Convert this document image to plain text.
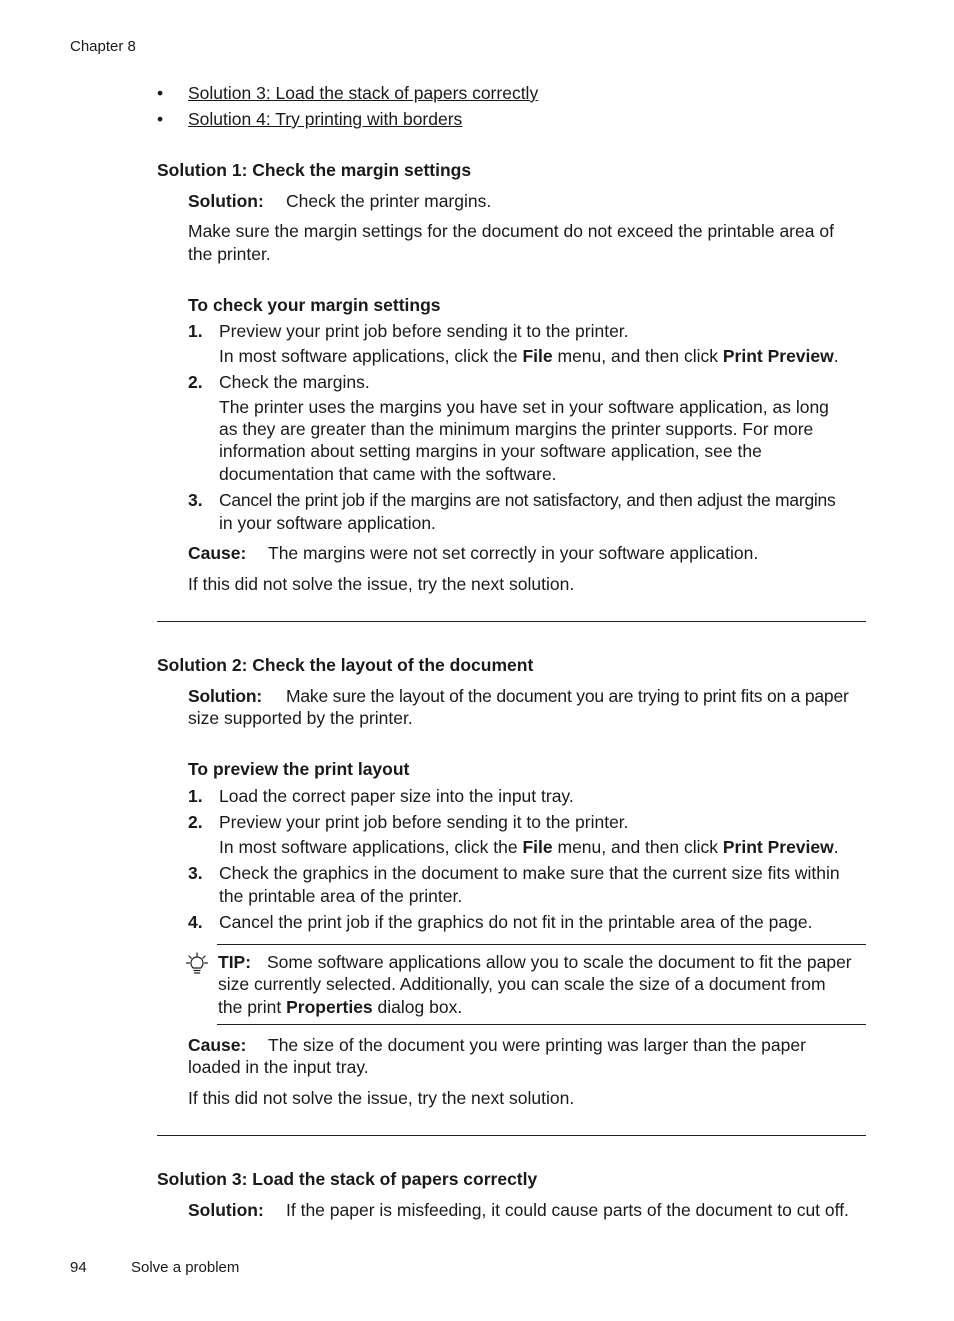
Chapter 8
• Solution 3: Load the stack of papers correctly
• Solution 4: Try printing with borders
Solution 1: Check the margin settings
Solution: Check the printer margins.
Make sure the margin settings for the document do not exceed the printable area of
the printer.
To check your margin settings
1. Preview your print job before sending it to the printer.
In most software applications, click the File menu, and then click Print Preview.
2. Check the margins.
The printer uses the margins you have set in your software application, as long
as they are greater than the minimum margins the printer supports. For more
information about setting margins in your software application, see the
documentation that came with the software.
3. Cancel the print job if the margins are not satisfactory, and then adjust the margins
in your software application.
Cause: The margins were not set correctly in your software application.
If this did not solve the issue, try the next solution.
Solution 2: Check the layout of the document
Solution: Make sure the layout of the document you are trying to print fits on a paper
size supported by the printer.
To preview the print layout
1. Load the correct paper size into the input tray.
2. Preview your print job before sending it to the printer.
In most software applications, click the File menu, and then click Print Preview.
3. Check the graphics in the document to make sure that the current size fits within
the printable area of the printer.
4. Cancel the print job if the graphics do not fit in the printable area of the page.
TIP: Some software applications allow you to scale the document to fit the paper
size currently selected. Additionally, you can scale the size of a document from
the print Properties dialog box.
Cause: The size of the document you were printing was larger than the paper
loaded in the input tray.
If this did not solve the issue, try the next solution.
Solution 3: Load the stack of papers correctly
Solution: If the paper is misfeeding, it could cause parts of the document to cut off.
94	Solve a problem
